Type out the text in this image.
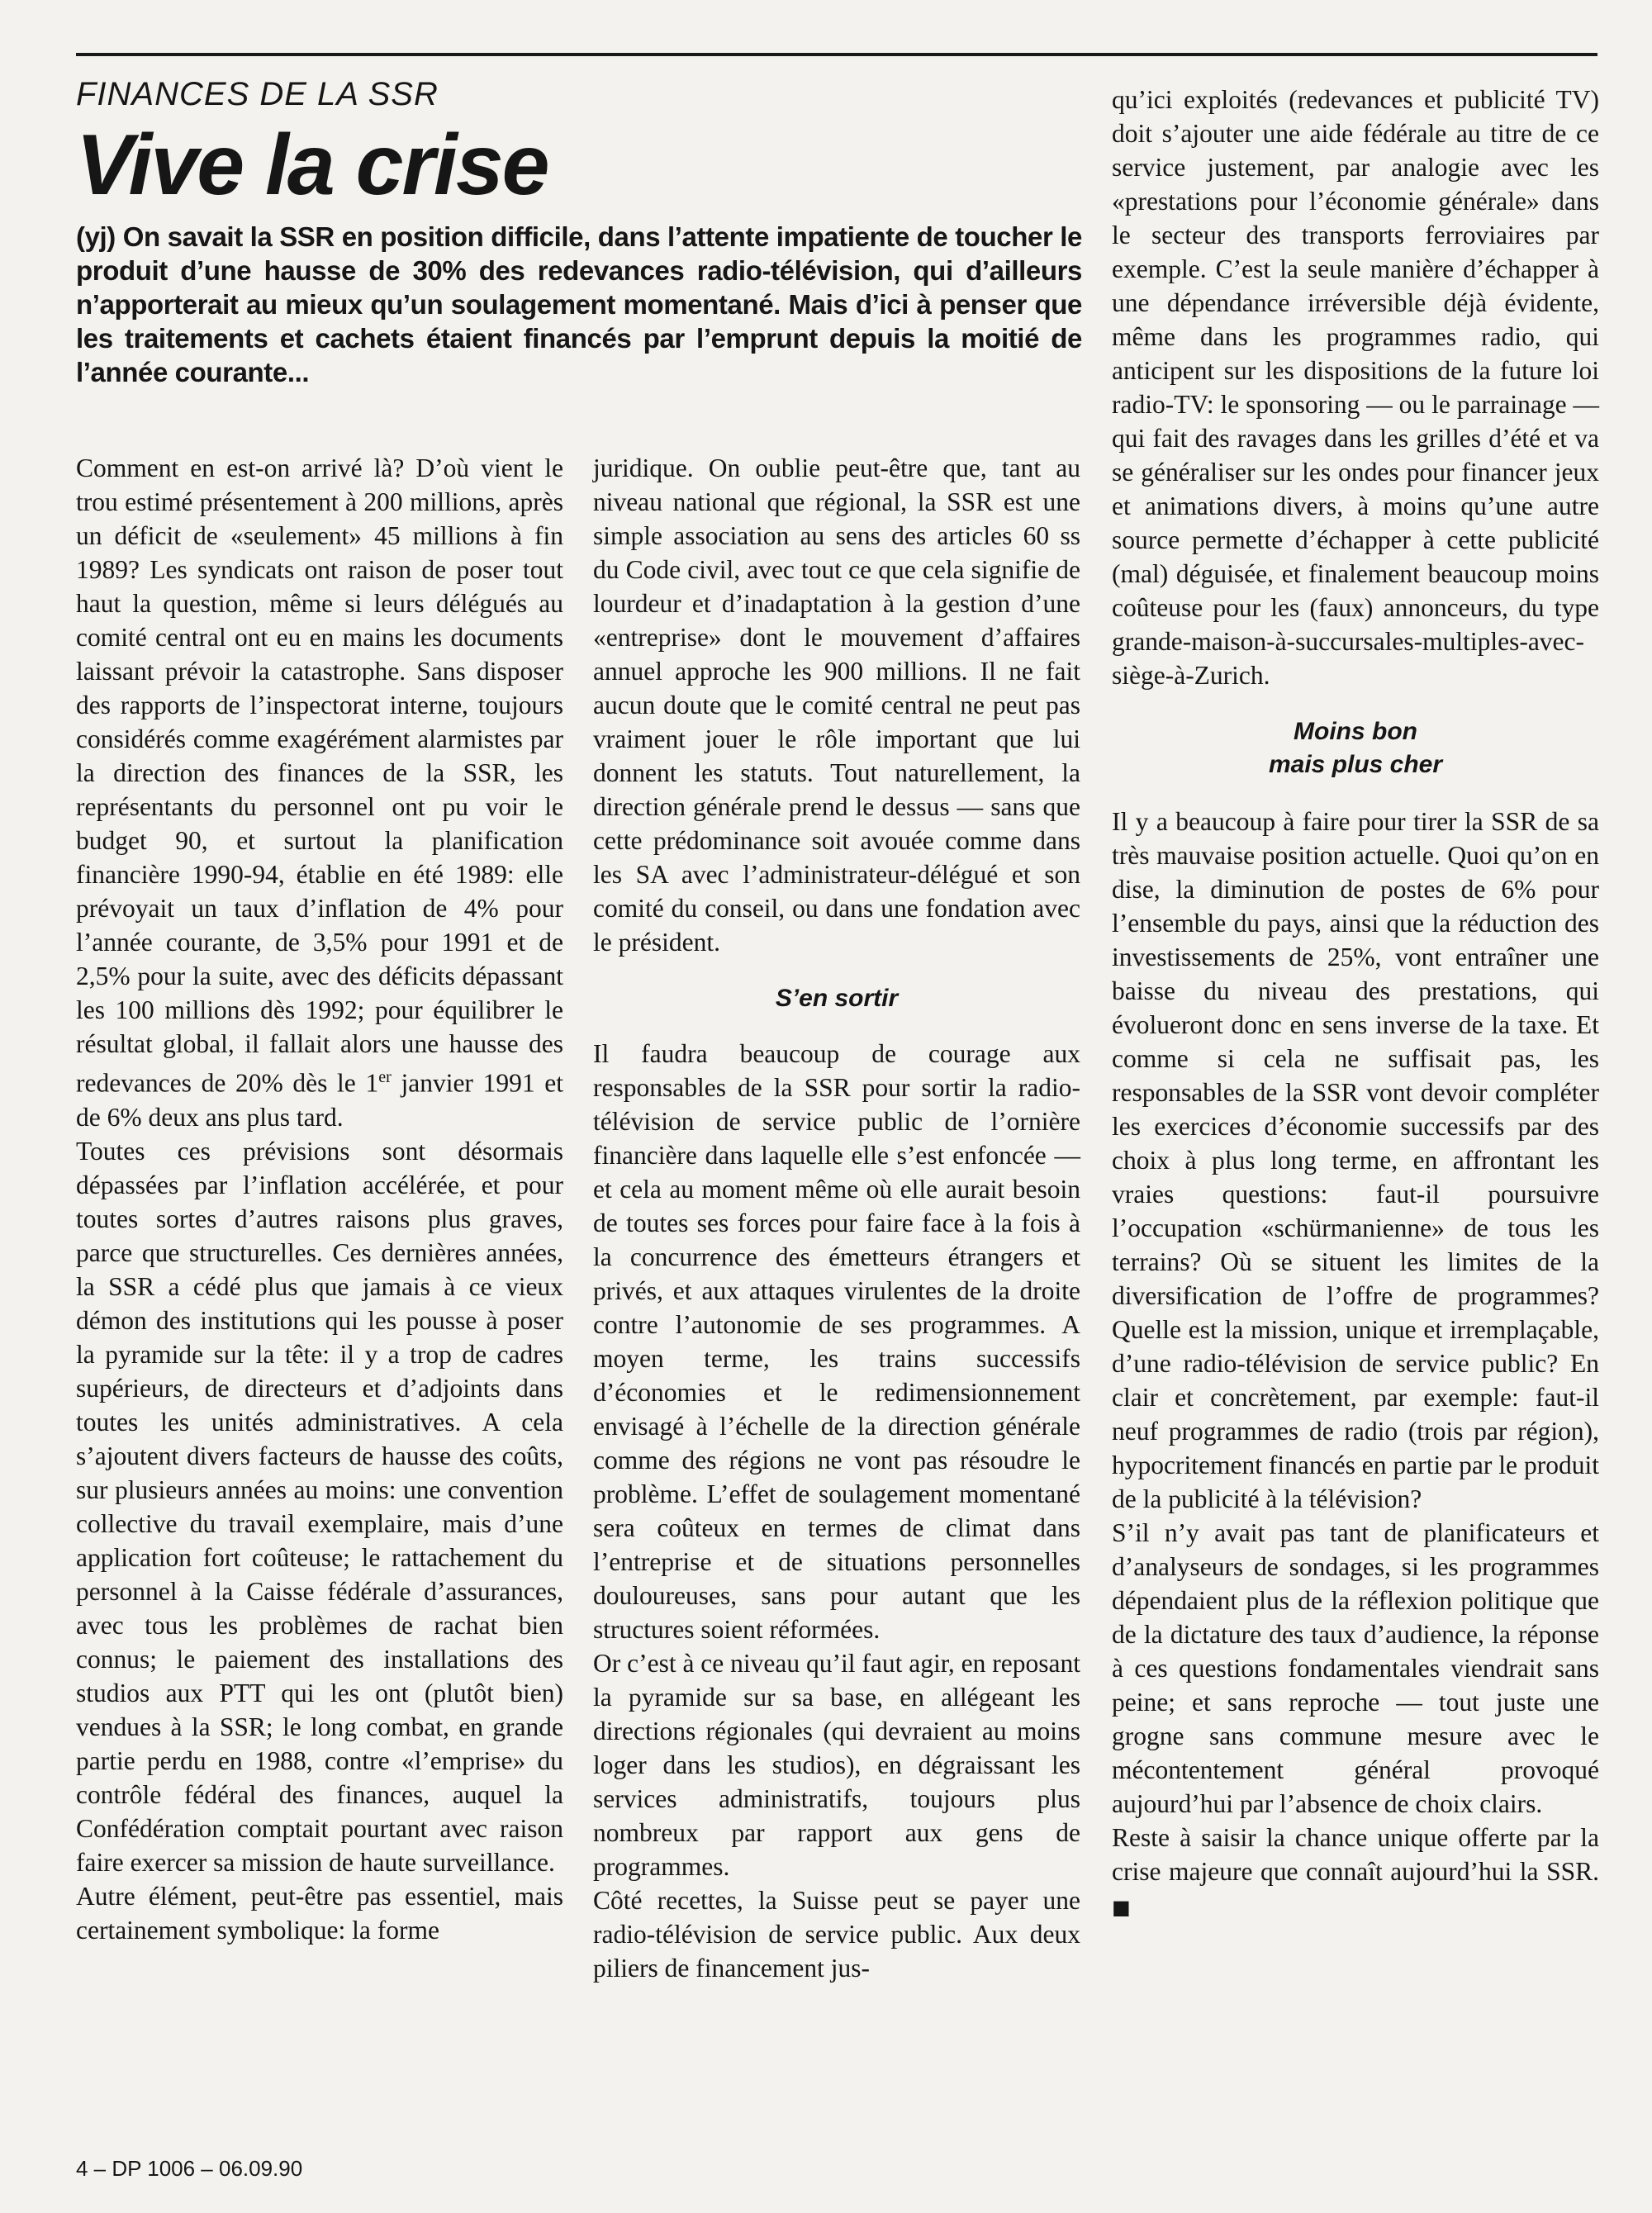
FINANCES DE LA SSR
Vive la crise
(yj) On savait la SSR en position difficile, dans l’attente impatiente de toucher le produit d’une hausse de 30% des redevances radio-télévision, qui d’ailleurs n’apporterait au mieux qu’un soulagement momentané. Mais d’ici à penser que les traitements et cachets étaient financés par l’emprunt depuis la moitié de l’année courante...

Comment en est-on arrivé là? D’où vient le trou estimé présentement à 200 millions, après un déficit de «seulement» 45 millions à fin 1989? Les syndicats ont raison de poser tout haut la question, même si leurs délégués au comité central ont eu en mains les documents laissant prévoir la catastrophe. Sans disposer des rapports de l’inspectorat interne, toujours considérés comme exagérément alarmistes par la direction des finances de la SSR, les représentants du personnel ont pu voir le budget 90, et surtout la planification financière 1990-94, établie en été 1989: elle prévoyait un taux d’inflation de 4% pour l’année courante, de 3,5% pour 1991 et de 2,5% pour la suite, avec des déficits dépassant les 100 millions dès 1992; pour équilibrer le résultat global, il fallait alors une hausse des redevances de 20% dès le 1er janvier 1991 et de 6% deux ans plus tard.

Toutes ces prévisions sont désormais dépassées par l’inflation accélérée, et pour toutes sortes d’autres raisons plus graves, parce que structurelles. Ces dernières années, la SSR a cédé plus que jamais à ce vieux démon des institutions qui les pousse à poser la pyramide sur la tête: il y a trop de cadres supérieurs, de directeurs et d’adjoints dans toutes les unités administratives. A cela s’ajoutent divers facteurs de hausse des coûts, sur plusieurs années au moins: une convention collective du travail exemplaire, mais d’une application fort coûteuse; le rattachement du personnel à la Caisse fédérale d’assurances, avec tous les problèmes de rachat bien connus; le paiement des installations des studios aux PTT qui les ont (plutôt bien) vendues à la SSR; le long combat, en grande partie perdu en 1988, contre «l’emprise» du contrôle fédéral des finances, auquel la Confédération comptait pourtant avec raison faire exercer sa mission de haute surveillance.

Autre élément, peut-être pas essentiel, mais certainement symbolique: la forme

juridique. On oublie peut-être que, tant au niveau national que régional, la SSR est une simple association au sens des articles 60 ss du Code civil, avec tout ce que cela signifie de lourdeur et d’inadaptation à la gestion d’une «entreprise» dont le mouvement d’affaires annuel approche les 900 millions. Il ne fait aucun doute que le comité central ne peut pas vraiment jouer le rôle important que lui donnent les statuts. Tout naturellement, la direction générale prend le dessus — sans que cette prédominance soit avouée comme dans les SA avec l’administrateur-délégué et son comité du conseil, ou dans une fondation avec le président.

S’en sortir

Il faudra beaucoup de courage aux responsables de la SSR pour sortir la radio-télévision de service public de l’ornière financière dans laquelle elle s’est enfoncée — et cela au moment même où elle aurait besoin de toutes ses forces pour faire face à la fois à la concurrence des émetteurs étrangers et privés, et aux attaques virulentes de la droite contre l’autonomie de ses programmes. A moyen terme, les trains successifs d’économies et le redimensionnement envisagé à l’échelle de la direction générale comme des régions ne vont pas résoudre le problème. L’effet de soulagement momentané sera coûteux en termes de climat dans l’entreprise et de situations personnelles douloureuses, sans pour autant que les structures soient réformées.

Or c’est à ce niveau qu’il faut agir, en reposant la pyramide sur sa base, en allégeant les directions régionales (qui devraient au moins loger dans les studios), en dégraissant les services administratifs, toujours plus nombreux par rapport aux gens de programmes.

Côté recettes, la Suisse peut se payer une radio-télévision de service public. Aux deux piliers de financement jus-

qu’ici exploités (redevances et publicité TV) doit s’ajouter une aide fédérale au titre de ce service justement, par analogie avec les «prestations pour l’économie générale» dans le secteur des transports ferroviaires par exemple. C’est la seule manière d’échapper à une dépendance irréversible déjà évidente, même dans les programmes radio, qui anticipent sur les dispositions de la future loi radio-TV: le sponsoring — ou le parrainage — qui fait des ravages dans les grilles d’été et va se généraliser sur les ondes pour financer jeux et animations divers, à moins qu’une autre source permette d’échapper à cette publicité (mal) déguisée, et finalement beaucoup moins coûteuse pour les (faux) annonceurs, du type grande-maison-à-succursales-multiples-avec-siège-à-Zurich.

Moins bon
mais plus cher

Il y a beaucoup à faire pour tirer la SSR de sa très mauvaise position actuelle. Quoi qu’on en dise, la diminution de postes de 6% pour l’ensemble du pays, ainsi que la réduction des investissements de 25%, vont entraîner une baisse du niveau des prestations, qui évolueront donc en sens inverse de la taxe. Et comme si cela ne suffisait pas, les responsables de la SSR vont devoir compléter les exercices d’économie successifs par des choix à plus long terme, en affrontant les vraies questions: faut-il poursuivre l’occupation «schürmanienne» de tous les terrains? Où se situent les limites de la diversification de l’offre de programmes? Quelle est la mission, unique et irremplaçable, d’une radio-télévision de service public? En clair et concrètement, par exemple: faut-il neuf programmes de radio (trois par région), hypocritement financés en partie par le produit de la publicité à la télévision?

S’il n’y avait pas tant de planificateurs et d’analyseurs de sondages, si les programmes dépendaient plus de la réflexion politique que de la dictature des taux d’audience, la réponse à ces questions fondamentales viendrait sans peine; et sans reproche — tout juste une grogne sans commune mesure avec le mécontentement général provoqué aujourd’hui par l’absence de choix clairs.

Reste à saisir la chance unique offerte par la crise majeure que connaît aujourd’hui la SSR. ■

4 – DP 1006 – 06.09.90
